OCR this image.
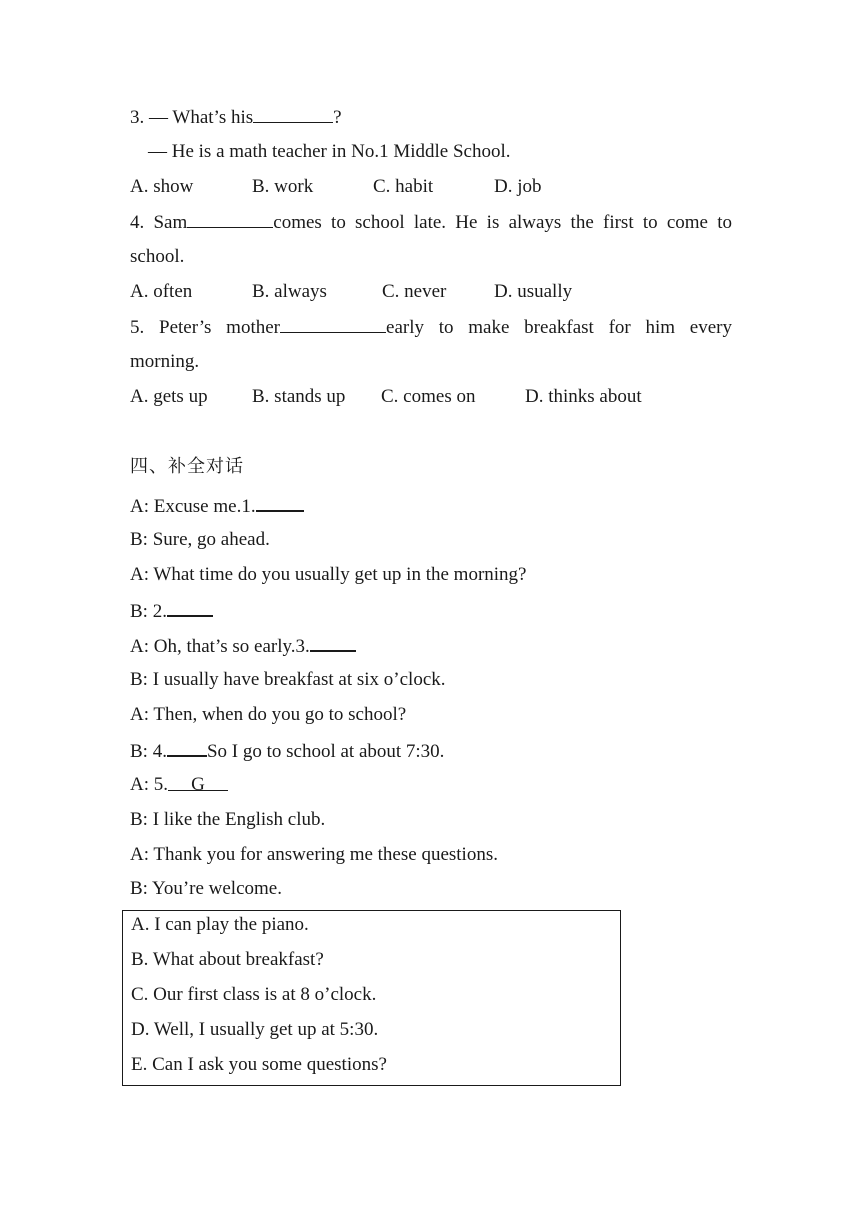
3. — What’s his	?
— He is a math teacher in No.1 Middle School.
A. show	B. work	C. habit	D. job
4. Sam	comes to school late. He is always the first to come to
school.
A. often	B. always	C. never	D. usually
5. Peter’s mother	early to make breakfast for him every
morning.
A. gets up B. stands up C. comes on	D. thinks about
四、补全对话
A: Excuse me.1.
B: Sure, go ahead.
A: What time do you usually get up in the morning?
B: 2.
A: Oh, that’s so early.3.
B: I usually have breakfast at six o’clock.
A: Then, when do you go to school?
B: 4. So I go to school at about 7:30.
A: 5. G
B: I like the English club.
A: Thank you for answering me these questions.
B: You’re welcome.
A. I can play the piano.
B. What about breakfast?
C. Our first class is at 8 o’clock.
D. Well, I usually get up at 5:30.
E. Can I ask you some questions?
